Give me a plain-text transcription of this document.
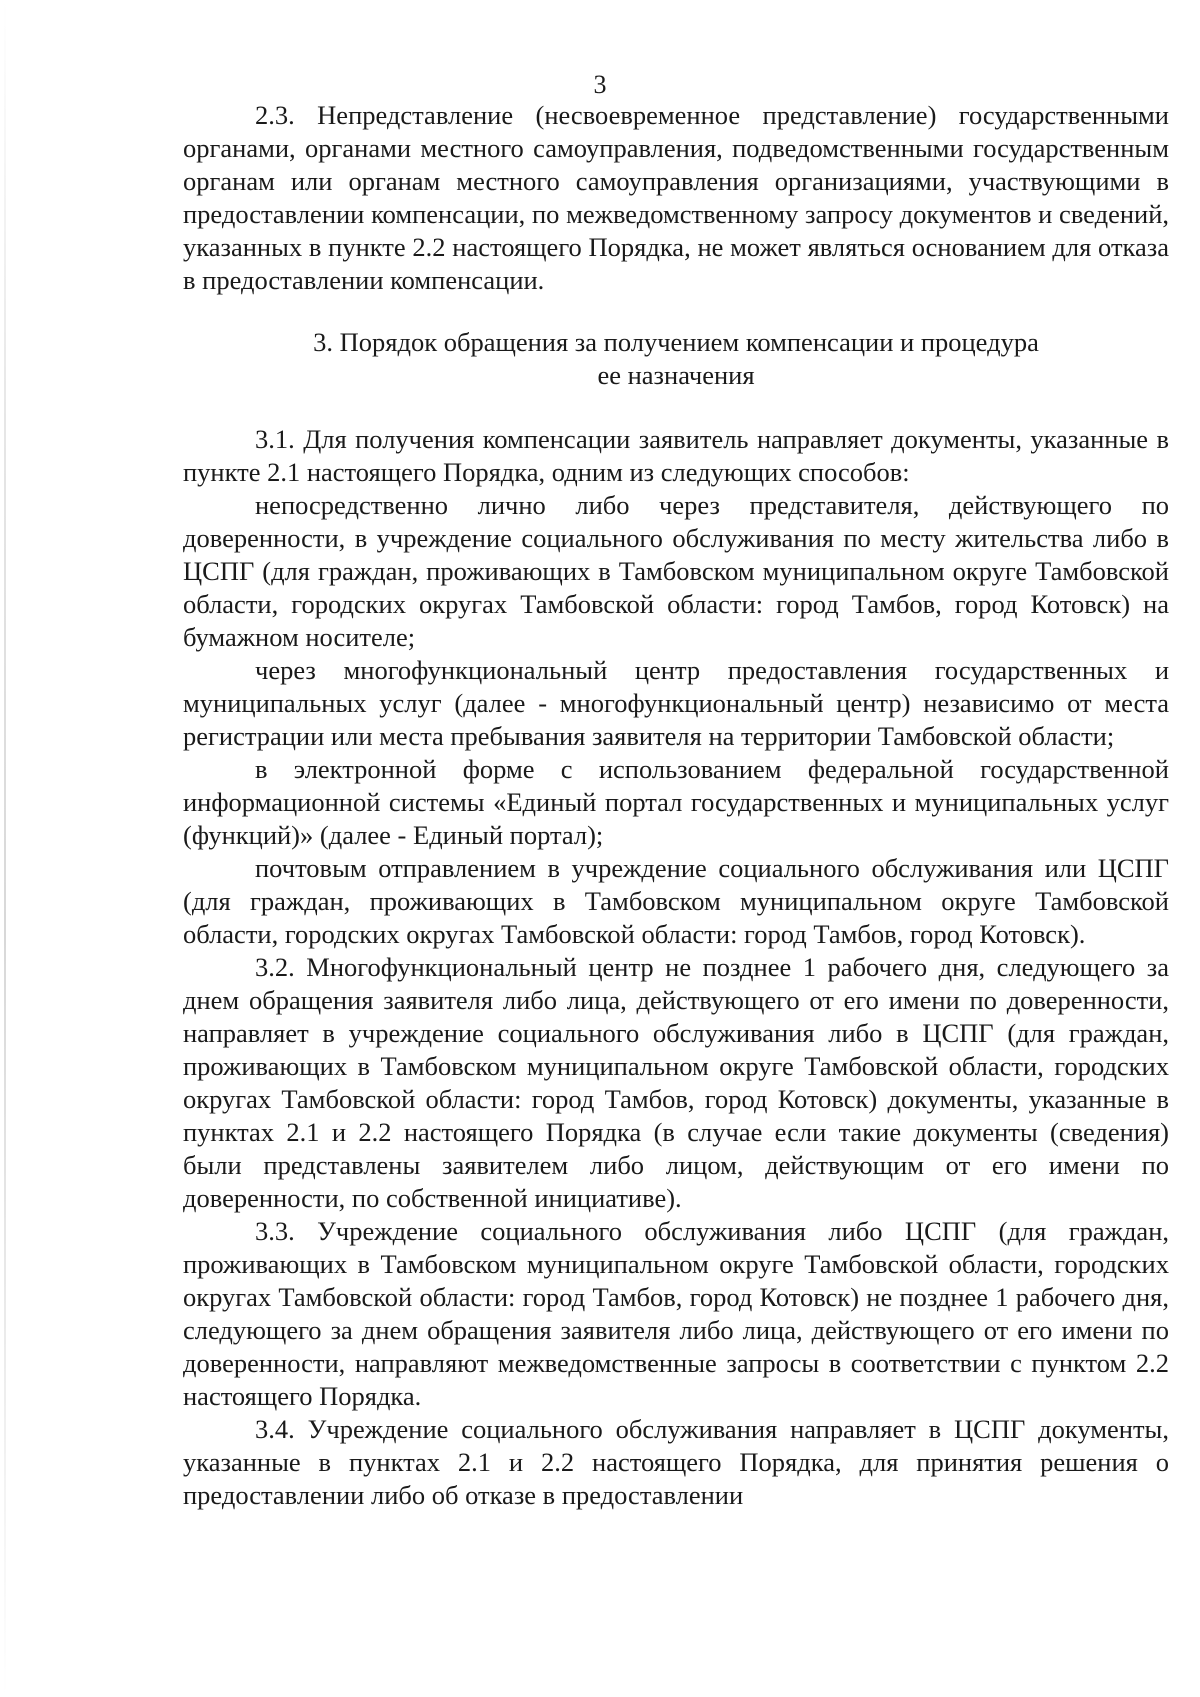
3

2.3. Непредставление (несвоевременное представление) государственными органами, органами местного самоуправления, подведомственными государственным органам или органам местного самоуправления организациями, участвующими в предоставлении компенсации, по межведомственному запросу документов и сведений, указанных в пункте 2.2 настоящего Порядка, не может являться основанием для отказа в предоставлении компенсации.

3. Порядок обращения за получением компенсации и процедура
ее назначения

3.1. Для получения компенсации заявитель направляет документы, указанные в пункте 2.1 настоящего Порядка, одним из следующих способов:

непосредственно лично либо через представителя, действующего по доверенности, в учреждение социального обслуживания по месту жительства либо в ЦСПГ (для граждан, проживающих в Тамбовском муниципальном округе Тамбовской области, городских округах Тамбовской области: город Тамбов, город Котовск) на бумажном носителе;

через многофункциональный центр предоставления государственных и муниципальных услуг (далее - многофункциональный центр) независимо от места регистрации или места пребывания заявителя на территории Тамбовской области;

в электронной форме с использованием федеральной государственной информационной системы «Единый портал государственных и муниципальных услуг (функций)» (далее - Единый портал);

почтовым отправлением в учреждение социального обслуживания или ЦСПГ (для граждан, проживающих в Тамбовском муниципальном округе Тамбовской области, городских округах Тамбовской области: город Тамбов, город Котовск).

3.2. Многофункциональный центр не позднее 1 рабочего дня, следующего за днем обращения заявителя либо лица, действующего от его имени по доверенности, направляет в учреждение социального обслуживания либо в ЦСПГ (для граждан, проживающих в Тамбовском муниципальном округе Тамбовской области, городских округах Тамбовской области: город Тамбов, город Котовск) документы, указанные в пунктах 2.1 и 2.2 настоящего Порядка (в случае если такие документы (сведения) были представлены заявителем либо лицом, действующим от его имени по доверенности, по собственной инициативе).

3.3. Учреждение социального обслуживания либо ЦСПГ (для граждан, проживающих в Тамбовском муниципальном округе Тамбовской области, городских округах Тамбовской области: город Тамбов, город Котовск) не позднее 1 рабочего дня, следующего за днем обращения заявителя либо лица, действующего от его имени по доверенности, направляют межведомственные запросы в соответствии с пунктом 2.2 настоящего Порядка.

3.4. Учреждение социального обслуживания направляет в ЦСПГ документы, указанные в пунктах 2.1 и 2.2 настоящего Порядка, для принятия решения о предоставлении либо об отказе в предоставлении
